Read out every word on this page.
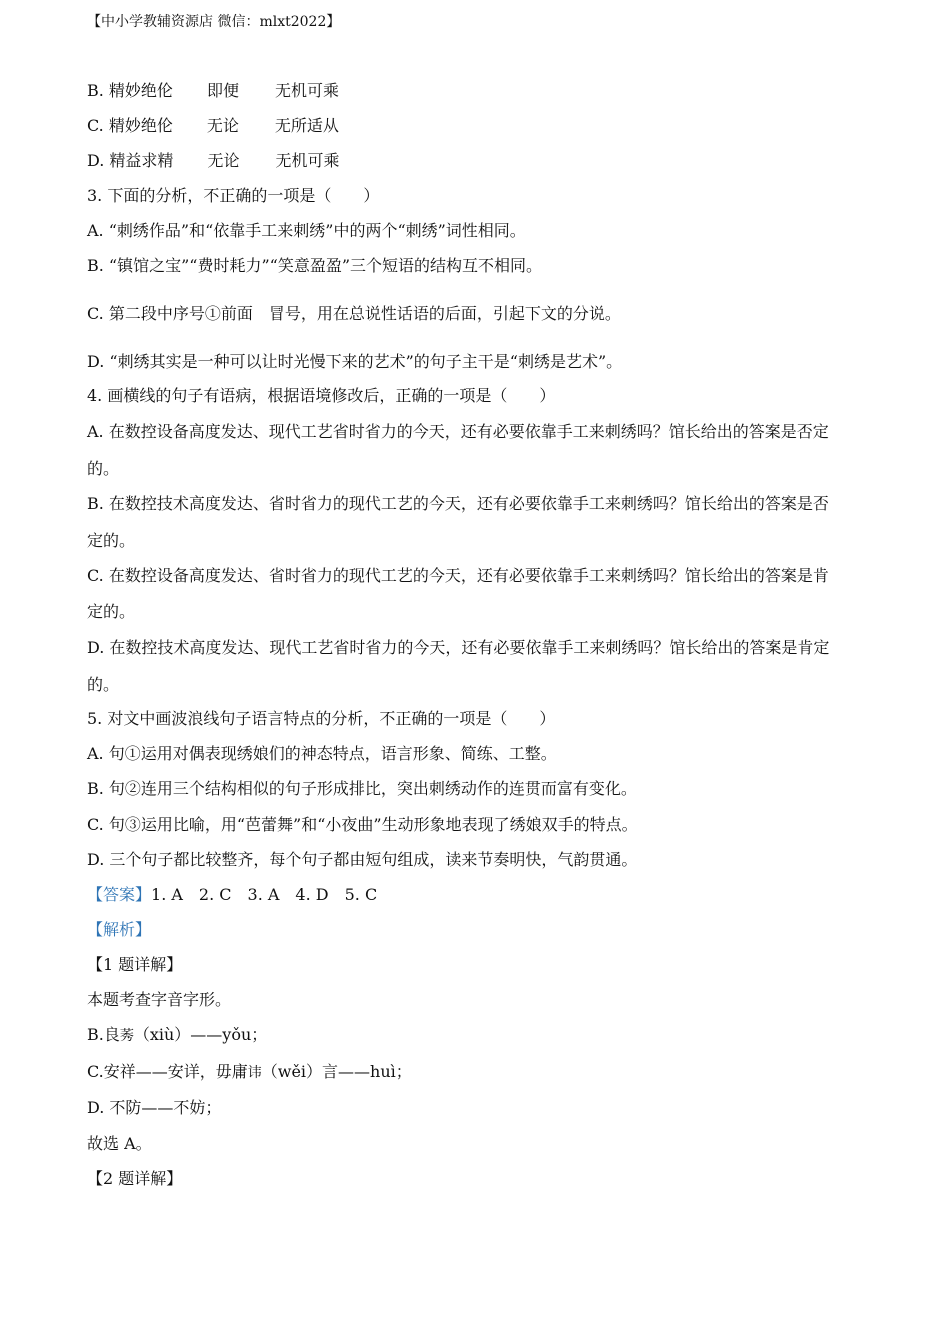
【中小学教辅资源店 微信：mlxt2022】
B. 精妙绝伦 即便 无机可乘
C. 精妙绝伦 无论 无所适从
D. 精益求精 无论 无机可乘
3. 下面的分析，不正确的一项是（　　）
A. “刺绣作品”和“依靠手工来刺绣”中的两个“刺绣”词性相同。
B. “镇馆之宝”“费时耗力”“笑意盈盈”三个短语的结构互不相同。
C. 第二段中序号①前面　冒号，用在总说性话语的后面，引起下文的分说。
D. “刺绣其实是一种可以让时光慢下来的艺术”的句子主干是“刺绣是艺术”。
4. 画横线的句子有语病，根据语境修改后，正确的一项是（　　）
A. 在数控设备高度发达、现代工艺省时省力的今天，还有必要依靠手工来刺绣吗？馆长给出的答案是否定
的。
B. 在数控技术高度发达、省时省力的现代工艺的今天，还有必要依靠手工来刺绣吗？馆长给出的答案是否
定的。
C. 在数控设备高度发达、省时省力的现代工艺的今天，还有必要依靠手工来刺绣吗？馆长给出的答案是肯
定的。
D. 在数控技术高度发达、现代工艺省时省力的今天，还有必要依靠手工来刺绣吗？馆长给出的答案是肯定
的。
5. 对文中画波浪线句子语言特点的分析，不正确的一项是（　　）
A. 句①运用对偶表现绣娘们的神态特点，语言形象、简练、工整。
B. 句②连用三个结构相似的句子形成排比，突出刺绣动作的连贯而富有变化。
C. 句③运用比喻，用“芭蕾舞”和“小夜曲”生动形象地表现了绣娘双手的特点。
D. 三个句子都比较整齐，每个句子都由短句组成，读来节奏明快，气韵贯通。
【答案】1. A　2. C　3. A　4. D　5. C
【解析】
【1 题详解】
本题考查字音字形。
B.良莠（xiù）——yǒu；
C.安祥——安详，毋庸讳（wěi）言——huì；
D. 不防——不妨；
故选 A。
【2 题详解】
